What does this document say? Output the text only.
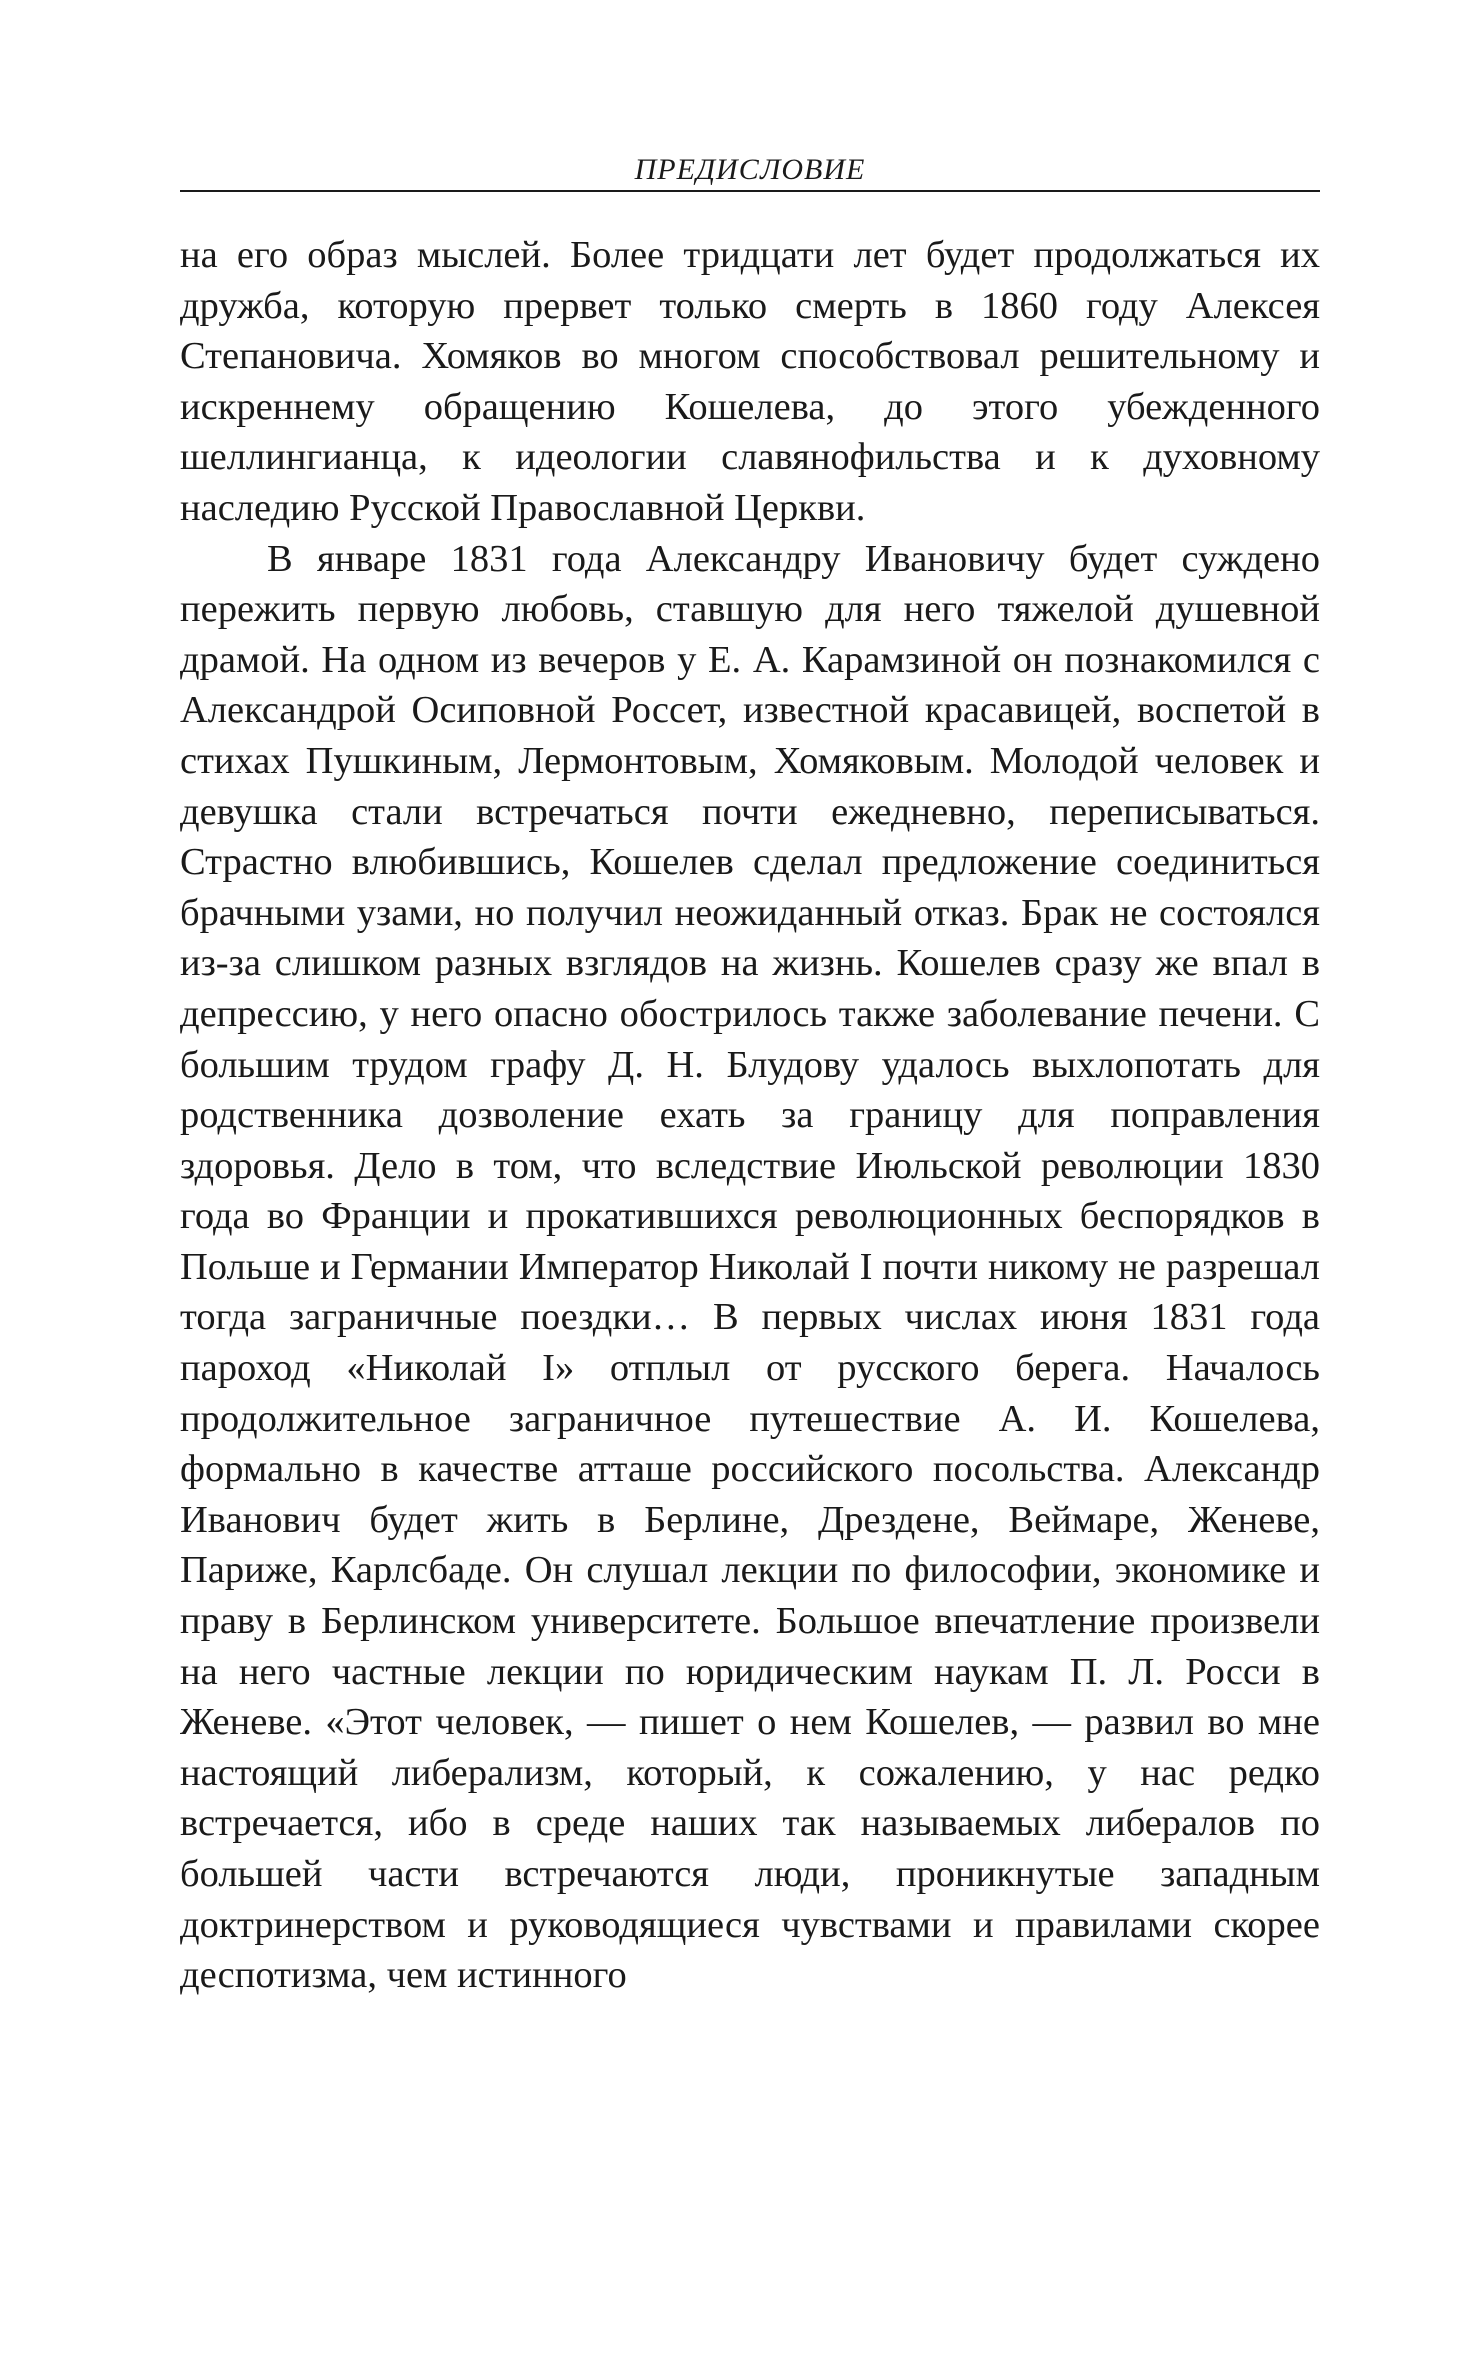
ПРЕДИСЛОВИЕ

на его образ мыслей. Более тридцати лет будет продолжаться их дружба, которую прервет только смерть в 1860 году Алексея Степановича. Хомяков во многом способствовал решительному и искреннему обращению Кошелева, до этого убежденного шеллингианца, к идеологии славянофильства и к духовному наследию Русской Православной Церкви.

В январе 1831 года Александру Ивановичу будет суждено пережить первую любовь, ставшую для него тяжелой душевной драмой. На одном из вечеров у Е. А. Карамзиной он познакомился с Александрой Осиповной Россет, известной красавицей, воспетой в стихах Пушкиным, Лермонтовым, Хомяковым. Молодой человек и девушка стали встречаться почти ежедневно, переписываться. Страстно влюбившись, Кошелев сделал предложение соединиться брачными узами, но получил неожиданный отказ. Брак не состоялся из-за слишком разных взглядов на жизнь. Кошелев сразу же впал в депрессию, у него опасно обострилось также заболевание печени. С большим трудом графу Д. Н. Блудову удалось выхлопотать для родственника дозволение ехать за границу для поправления здоровья. Дело в том, что вследствие Июльской революции 1830 года во Франции и прокатившихся революционных беспорядков в Польше и Германии Император Николай I почти никому не разрешал тогда заграничные поездки… В первых числах июня 1831 года пароход «Николай I» отплыл от русского берега. Началось продолжительное заграничное путешествие А. И. Кошелева, формально в качестве атташе российского посольства. Александр Иванович будет жить в Берлине, Дрездене, Веймaре, Женеве, Париже, Карлсбаде. Он слушал лекции по философии, экономике и праву в Берлинском университете. Большое впечатление произвели на него частные лекции по юридическим наукам П. Л. Росси в Женеве. «Этот человек, — пишет о нем Кошелев, — развил во мне настоящий либерализм, который, к сожалению, у нас редко встречается, ибо в среде наших так называемых либералов по большей части встречаются люди, проникнутые западным доктринерством и руководящиеся чувствами и правилами скорее деспотизма, чем истинного
